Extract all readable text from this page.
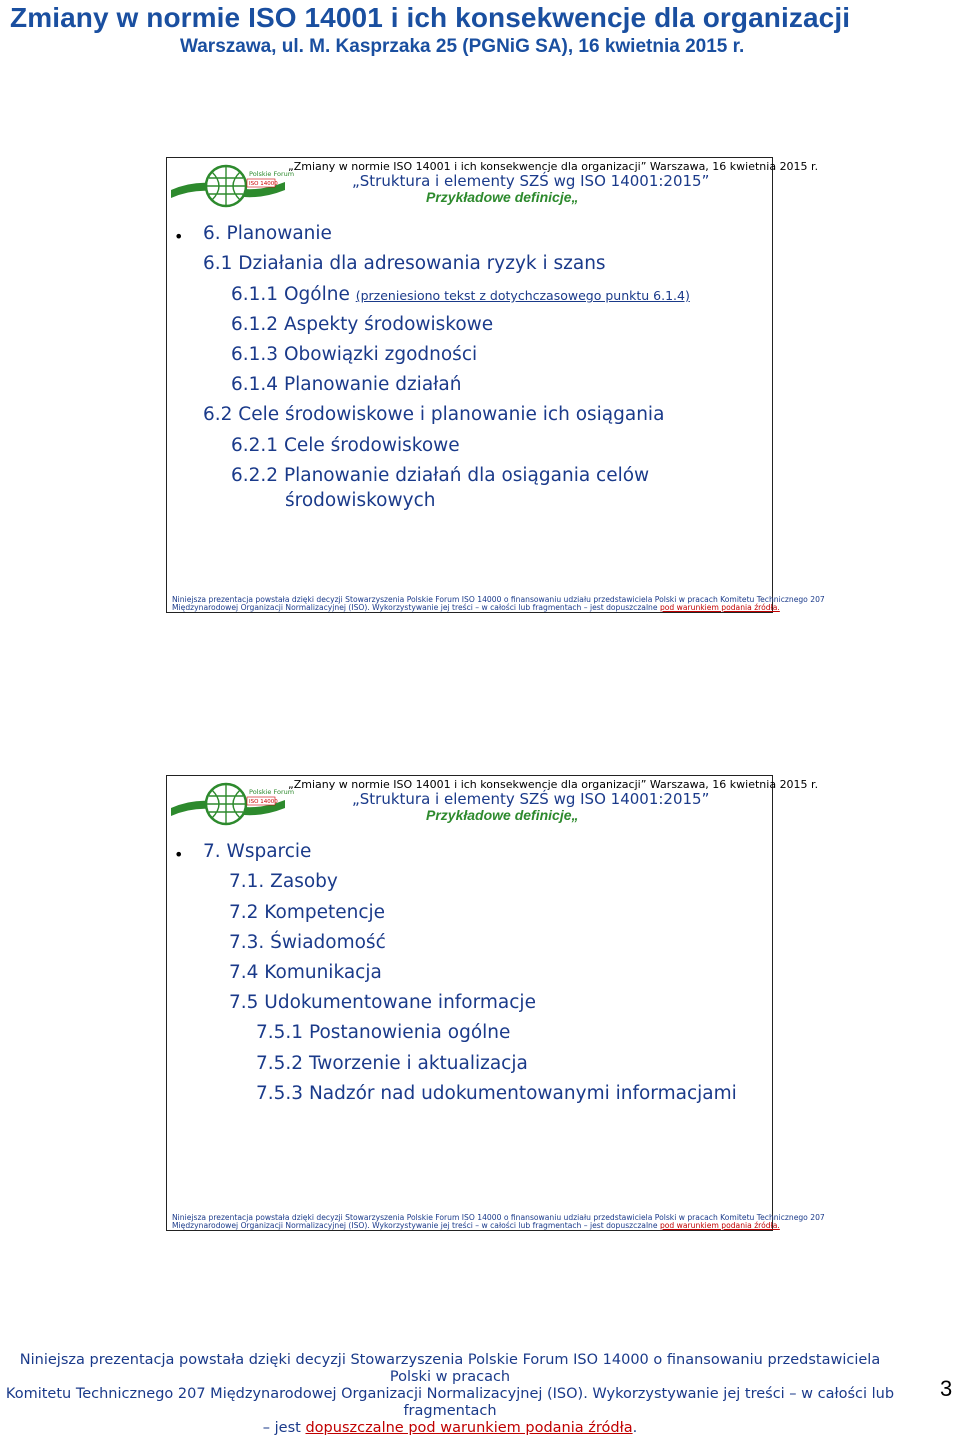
Zmiany w normie ISO 14001 i ich konsekwencje dla organizacji
Warszawa, ul. M. Kasprzaka 25 (PGNiG SA), 16 kwietnia 2015 r.
Polskie Forum
ISO 14000
„Zmiany w normie ISO 14001 i ich konsekwencje dla organizacji” Warszawa, 16 kwietnia 2015 r.
„Struktura i elementy SZŚ wg ISO 14001:2015”
Przykładowe definicje„
• 6. Planowanie
6.1 Działania dla adresowania ryzyk i szans
6.1.1 Ogólne (przeniesiono tekst z dotychczasowego punktu 6.1.4)
6.1.2 Aspekty środowiskowe
6.1.3 Obowiązki zgodności
6.1.4 Planowanie działań
6.2 Cele środowiskowe i planowanie ich osiągania
6.2.1 Cele środowiskowe
6.2.2 Planowanie działań dla osiągania celów
środowiskowych
Niniejsza prezentacja powstała dzięki decyzji Stowarzyszenia Polskie Forum ISO 14000 o finansowaniu udziału przedstawiciela Polski w pracach Komitetu Technicznego 207
Międzynarodowej Organizacji Normalizacyjnej (ISO). Wykorzystywanie jej treści – w całości lub fragmentach – jest dopuszczalne pod warunkiem podania źródła.
Polskie Forum
ISO 14000
„Zmiany w normie ISO 14001 i ich konsekwencje dla organizacji” Warszawa, 16 kwietnia 2015 r.
„Struktura i elementy SZŚ wg ISO 14001:2015”
Przykładowe definicje„
• 7. Wsparcie
7.1. Zasoby
7.2 Kompetencje
7.3. Świadomość
7.4 Komunikacja
7.5 Udokumentowane informacje
7.5.1 Postanowienia ogólne
7.5.2 Tworzenie i aktualizacja
7.5.3 Nadzór nad udokumentowanymi informacjami
Niniejsza prezentacja powstała dzięki decyzji Stowarzyszenia Polskie Forum ISO 14000 o finansowaniu udziału przedstawiciela Polski w pracach Komitetu Technicznego 207
Międzynarodowej Organizacji Normalizacyjnej (ISO). Wykorzystywanie jej treści – w całości lub fragmentach – jest dopuszczalne pod warunkiem podania źródła.
Niniejsza prezentacja powstała dzięki decyzji Stowarzyszenia Polskie Forum ISO 14000 o finansowaniu przedstawiciela Polski w pracach
Komitetu Technicznego 207 Międzynarodowej Organizacji Normalizacyjnej (ISO). Wykorzystywanie jej treści – w całości lub fragmentach
– jest dopuszczalne pod warunkiem podania źródła.
3
